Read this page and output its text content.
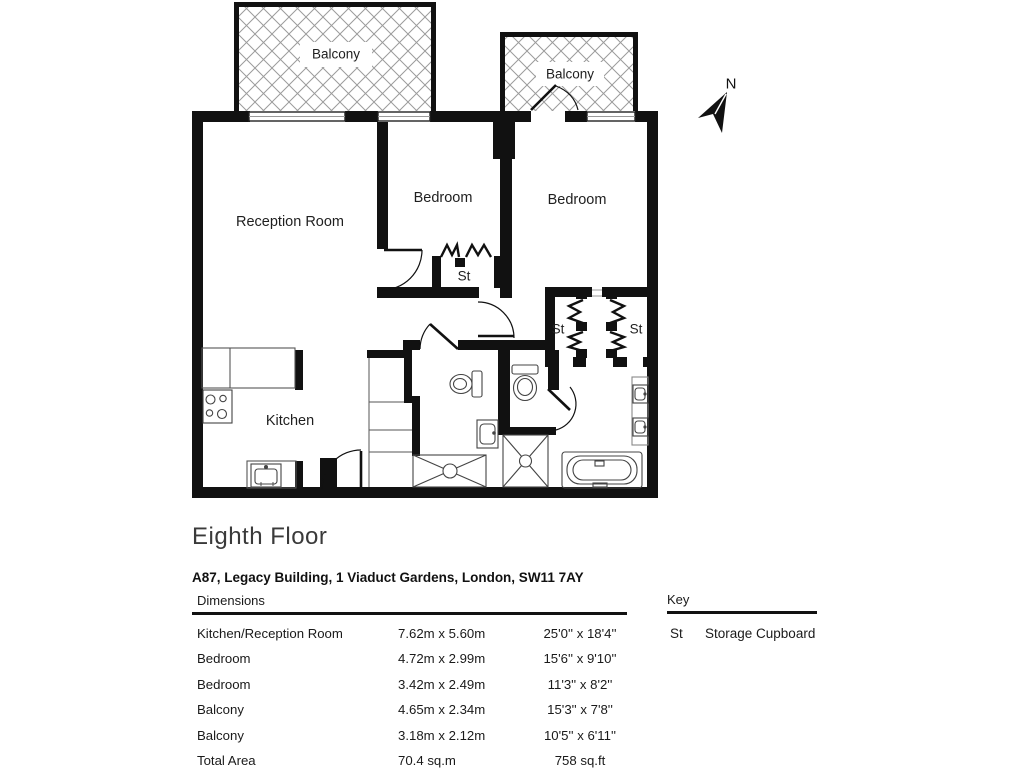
Balcony
Balcony
Reception Room
Bedroom	Bedroom
Kitchen
St
St	St
N
Eighth Floor
A87, Legacy Building, 1 Viaduct Gardens, London, SW11 7AY
Dimensions
Kitchen/Reception Room	7.62m x 5.60m	25'0'' x 18'4''
Bedroom	4.72m x 2.99m	15'6'' x 9'10''
Bedroom	3.42m x 2.49m	11'3'' x 8'2''
Balcony	4.65m x 2.34m	15'3'' x 7'8''
Balcony	3.18m x 2.12m	10'5'' x 6'11''
Total Area	70.4 sq.m	758 sq.ft
Key
St Storage Cupboard
